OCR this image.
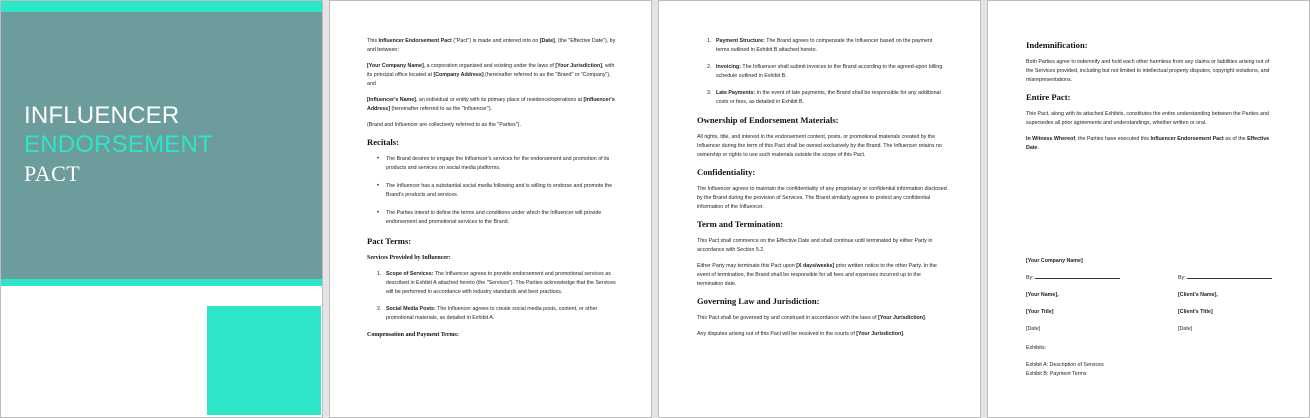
INFLUENCER
ENDORSEMENT
PACT

This Influencer Endorsement Pact ("Pact") is made and entered into on [Date], (the "Effective Date"), by and between:

[Your Company Name], a corporation organized and existing under the laws of [Your Jurisdiction], with its principal office located at [Company Address] (hereinafter referred to as the "Brand" or "Company"), and

[Influencer's Name], an individual or entity with its primary place of residence/operations at [Influencer's Address] (hereinafter referred to as the "Influencer").

(Brand and Influencer are collectively referred to as the "Parties").

Recitals:
• The Brand desires to engage the Influencer's services for the endorsement and promotion of its products and services on social media platforms.
• The Influencer has a substantial social media following and is willing to endorse and promote the Brand's products and services.
• The Parties intend to define the terms and conditions under which the Influencer will provide endorsement and promotional services to the Brand.
Pact Terms:
Services Provided by Influencer:
1. Scope of Services: The Influencer agrees to provide endorsement and promotional services as described in Exhibit A attached hereto (the "Services"). The Parties acknowledge that the Services will be performed in accordance with industry standards and best practices.
2. Social Media Posts: The Influencer agrees to create social media posts, content, or other promotional materials, as detailed in Exhibit A.
Compensation and Payment Terms:
1. Payment Structure: The Brand agrees to compensate the Influencer based on the payment terms outlined in Exhibit B attached hereto.
2. Invoicing: The Influencer shall submit invoices to the Brand according to the agreed-upon billing schedule outlined in Exhibit B.
3. Late Payments: In the event of late payments, the Brand shall be responsible for any additional costs or fees, as detailed in Exhibit B.
Ownership of Endorsement Materials:

All rights, title, and interest in the endorsement content, posts, or promotional materials created by the Influencer during the term of this Pact shall be owned exclusively by the Brand. The Influencer retains no ownership or rights to use such materials outside the scope of this Pact.

Confidentiality:

The Influencer agrees to maintain the confidentiality of any proprietary or confidential information disclosed by the Brand during the provision of Services. The Brand similarly agrees to protect any confidential information of the Influencer.

Term and Termination:

This Pact shall commence on the Effective Date and shall continue until terminated by either Party in accordance with Section 5.2.

Either Party may terminate this Pact upon [X days/weeks] prior written notice to the other Party. In the event of termination, the Brand shall be responsible for all fees and expenses incurred up to the termination date.

Governing Law and Jurisdiction:

This Pact shall be governed by and construed in accordance with the laws of [Your Jurisdiction].

Any disputes arising out of this Pact will be resolved in the courts of [Your Jurisdiction].

Indemnification:

Both Parties agree to indemnify and hold each other harmless from any claims or liabilities arising out of the Services provided, including but not limited to intellectual property disputes, copyright violations, and misrepresentations.

Entire Pact:

This Pact, along with its attached Exhibits, constitutes the entire understanding between the Parties and supersedes all prior agreements and understandings, whether written or oral.

In Witness Whereof, the Parties have executed this Influencer Endorsement Pact as of the Effective Date.

[Your Company Name]
By:
[Your Name],
[Your Title]
[Date]

By:
[Client's Name],
[Client's Title]
[Date]
Exhibits:
Exhibit A: Description of Services
Exhibit B: Payment Terms
